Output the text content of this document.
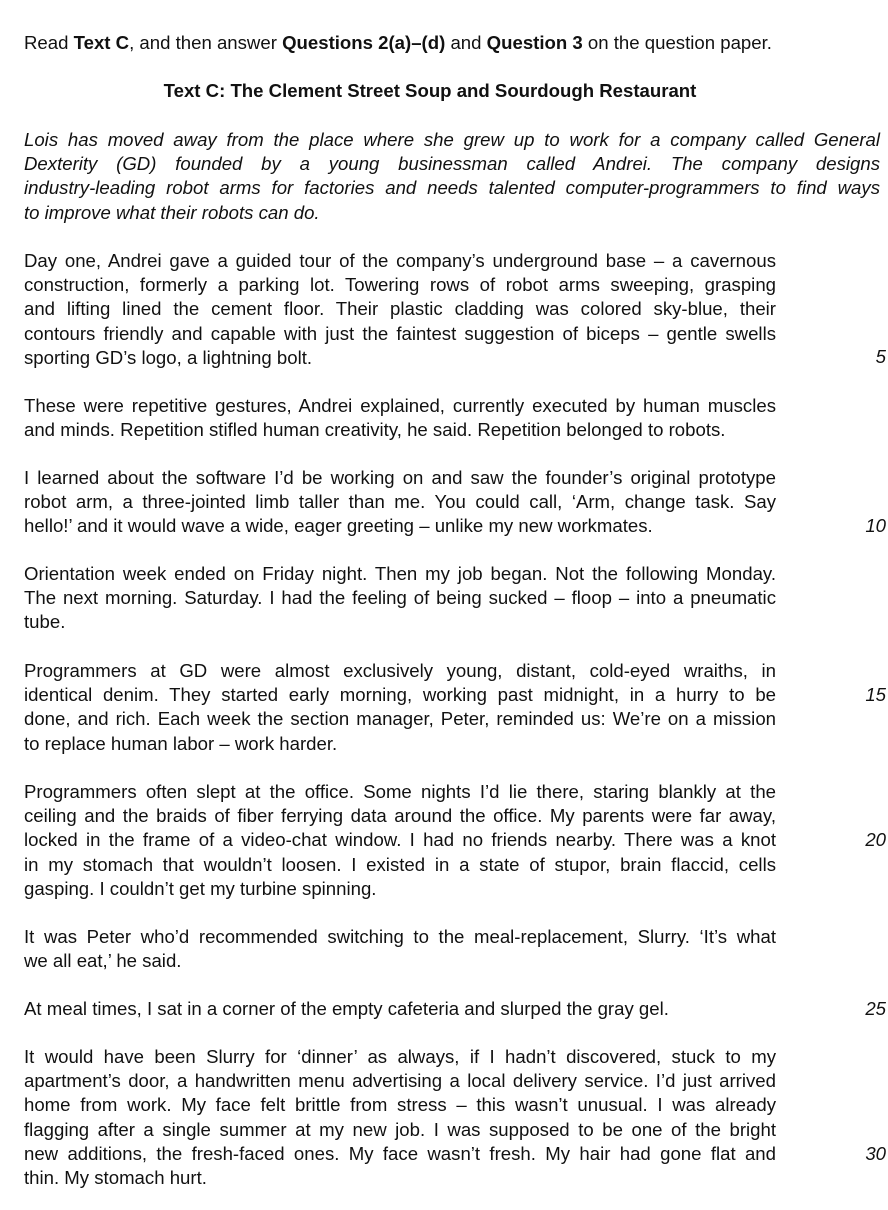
Read Text C, and then answer Questions 2(a)–(d) and Question 3 on the question paper.
Text C: The Clement Street Soup and Sourdough Restaurant
Lois has moved away from the place where she grew up to work for a company called General
Dexterity (GD) founded by a young businessman called Andrei. The company designs
industry-leading robot arms for factories and needs talented computer-programmers to find ways
to improve what their robots can do.
Day one, Andrei gave a guided tour of the company’s underground base – a cavernous
construction, formerly a parking lot. Towering rows of robot arms sweeping, grasping
and lifting lined the cement floor. Their plastic cladding was colored sky-blue, their
contours friendly and capable with just the faintest suggestion of biceps – gentle swells
sporting GD’s logo, a lightning bolt.
These were repetitive gestures, Andrei explained, currently executed by human muscles
and minds. Repetition stifled human creativity, he said. Repetition belonged to robots.
I learned about the software I’d be working on and saw the founder’s original prototype
robot arm, a three-jointed limb taller than me. You could call, ‘Arm, change task. Say
hello!’ and it would wave a wide, eager greeting – unlike my new workmates.
Orientation week ended on Friday night. Then my job began. Not the following Monday.
The next morning. Saturday. I had the feeling of being sucked – floop – into a pneumatic
tube.
Programmers at GD were almost exclusively young, distant, cold-eyed wraiths, in
identical denim. They started early morning, working past midnight, in a hurry to be
done, and rich. Each week the section manager, Peter, reminded us: We’re on a mission
to replace human labor – work harder.
Programmers often slept at the office. Some nights I’d lie there, staring blankly at the
ceiling and the braids of fiber ferrying data around the office. My parents were far away,
locked in the frame of a video-chat window. I had no friends nearby. There was a knot
in my stomach that wouldn’t loosen. I existed in a state of stupor, brain flaccid, cells
gasping. I couldn’t get my turbine spinning.
It was Peter who’d recommended switching to the meal-replacement, Slurry. ‘It’s what
we all eat,’ he said.
At meal times, I sat in a corner of the empty cafeteria and slurped the gray gel.
It would have been Slurry for ‘dinner’ as always, if I hadn’t discovered, stuck to my
apartment’s door, a handwritten menu advertising a local delivery service. I’d just arrived
home from work. My face felt brittle from stress – this wasn’t unusual. I was already
flagging after a single summer at my new job. I was supposed to be one of the bright
new additions, the fresh-faced ones. My face wasn’t fresh. My hair had gone flat and
thin. My stomach hurt.
5
10
15
20
25
30
